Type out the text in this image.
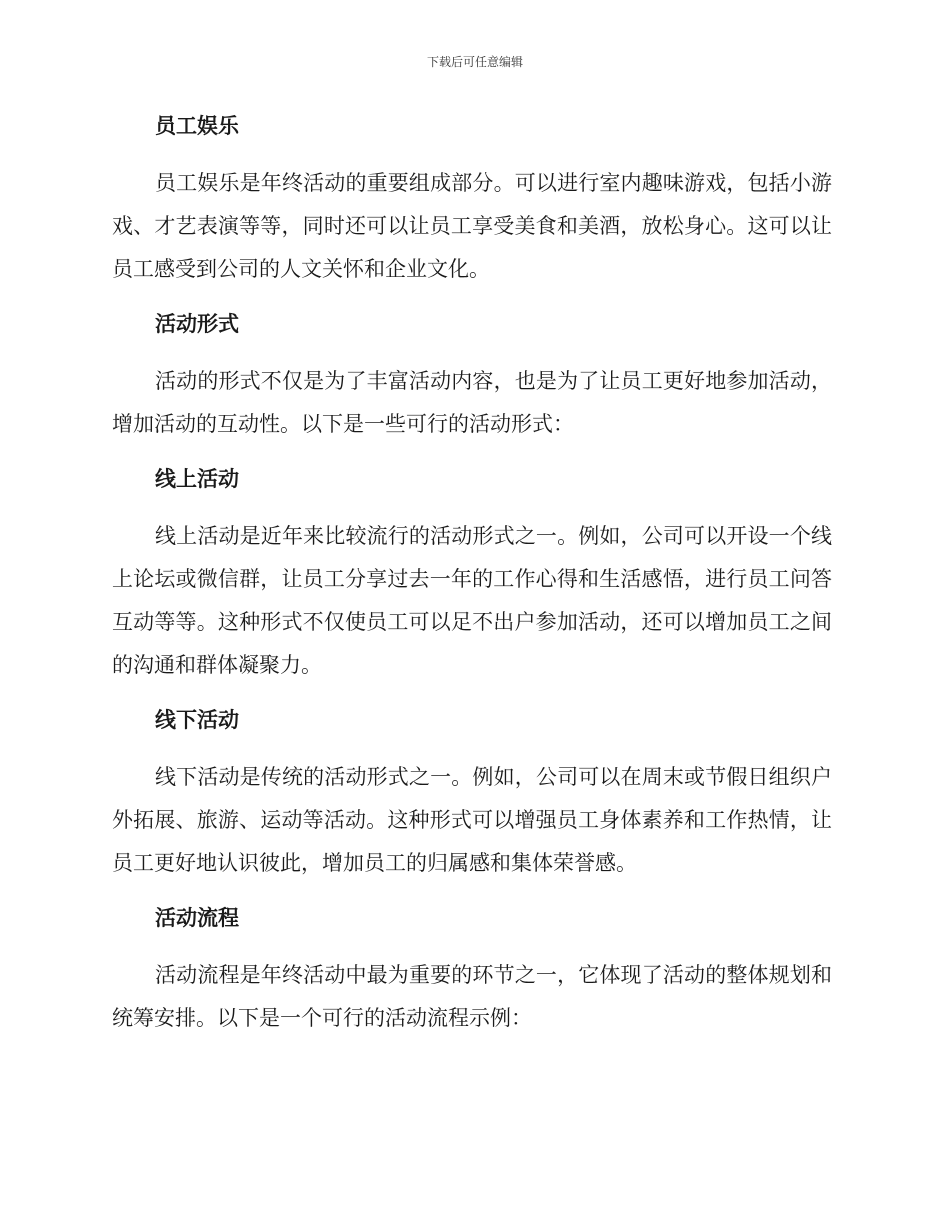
下载后可任意编辑
员工娱乐

员工娱乐是年终活动的重要组成部分。可以进行室内趣味游戏，包括小游戏、才艺表演等等，同时还可以让员工享受美食和美酒，放松身心。这可以让员工感受到公司的人文关怀和企业文化。

活动形式

活动的形式不仅是为了丰富活动内容，也是为了让员工更好地参加活动，增加活动的互动性。以下是一些可行的活动形式：

线上活动

线上活动是近年来比较流行的活动形式之一。例如，公司可以开设一个线上论坛或微信群，让员工分享过去一年的工作心得和生活感悟，进行员工问答互动等等。这种形式不仅使员工可以足不出户参加活动，还可以增加员工之间的沟通和群体凝聚力。

线下活动

线下活动是传统的活动形式之一。例如，公司可以在周末或节假日组织户外拓展、旅游、运动等活动。这种形式可以增强员工身体素养和工作热情，让员工更好地认识彼此，增加员工的归属感和集体荣誉感。

活动流程

活动流程是年终活动中最为重要的环节之一，它体现了活动的整体规划和统筹安排。以下是一个可行的活动流程示例：
